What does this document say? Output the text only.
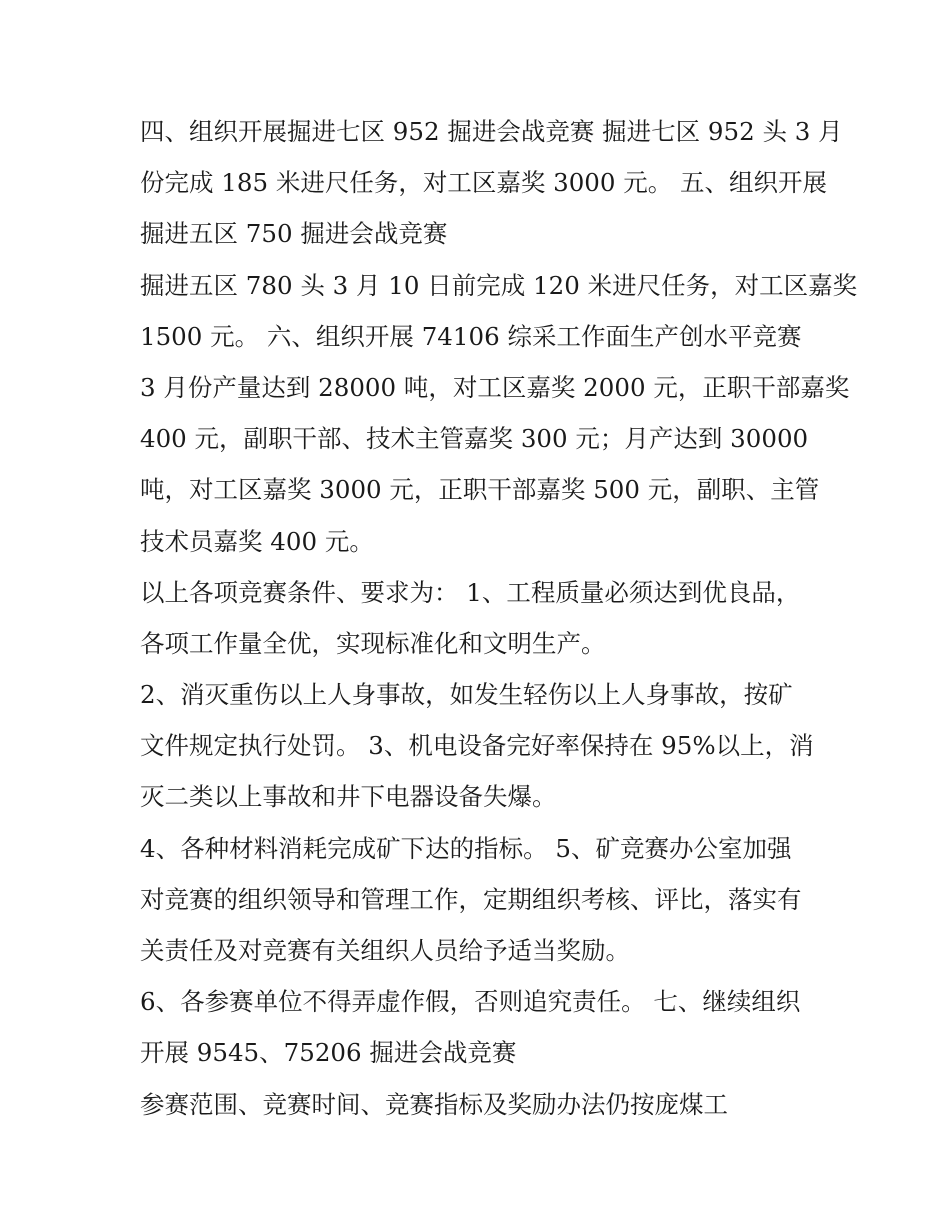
四、组织开展掘进七区 952 掘进会战竞赛 掘进七区 952 头 3 月
份完成 185 米进尺任务，对工区嘉奖 3000 元。 五、组织开展
掘进五区 750 掘进会战竞赛
掘进五区 780 头 3 月 10 日前完成 120 米进尺任务，对工区嘉奖
1500 元。 六、组织开展 74106 综采工作面生产创水平竞赛
3 月份产量达到 28000 吨，对工区嘉奖 2000 元，正职干部嘉奖
400 元，副职干部、技术主管嘉奖 300 元；月产达到 30000
吨，对工区嘉奖 3000 元，正职干部嘉奖 500 元，副职、主管
技术员嘉奖 400 元。
以上各项竞赛条件、要求为： 1、工程质量必须达到优良品，
各项工作量全优，实现标准化和文明生产。
2、消灭重伤以上人身事故，如发生轻伤以上人身事故，按矿
文件规定执行处罚。 3、机电设备完好率保持在 95%以上，消
灭二类以上事故和井下电器设备失爆。
4、各种材料消耗完成矿下达的指标。 5、矿竞赛办公室加强
对竞赛的组织领导和管理工作，定期组织考核、评比，落实有
关责任及对竞赛有关组织人员给予适当奖励。
6、各参赛单位不得弄虚作假，否则追究责任。 七、继续组织
开展 9545、75206 掘进会战竞赛
参赛范围、竞赛时间、竞赛指标及奖励办法仍按庞煤工
